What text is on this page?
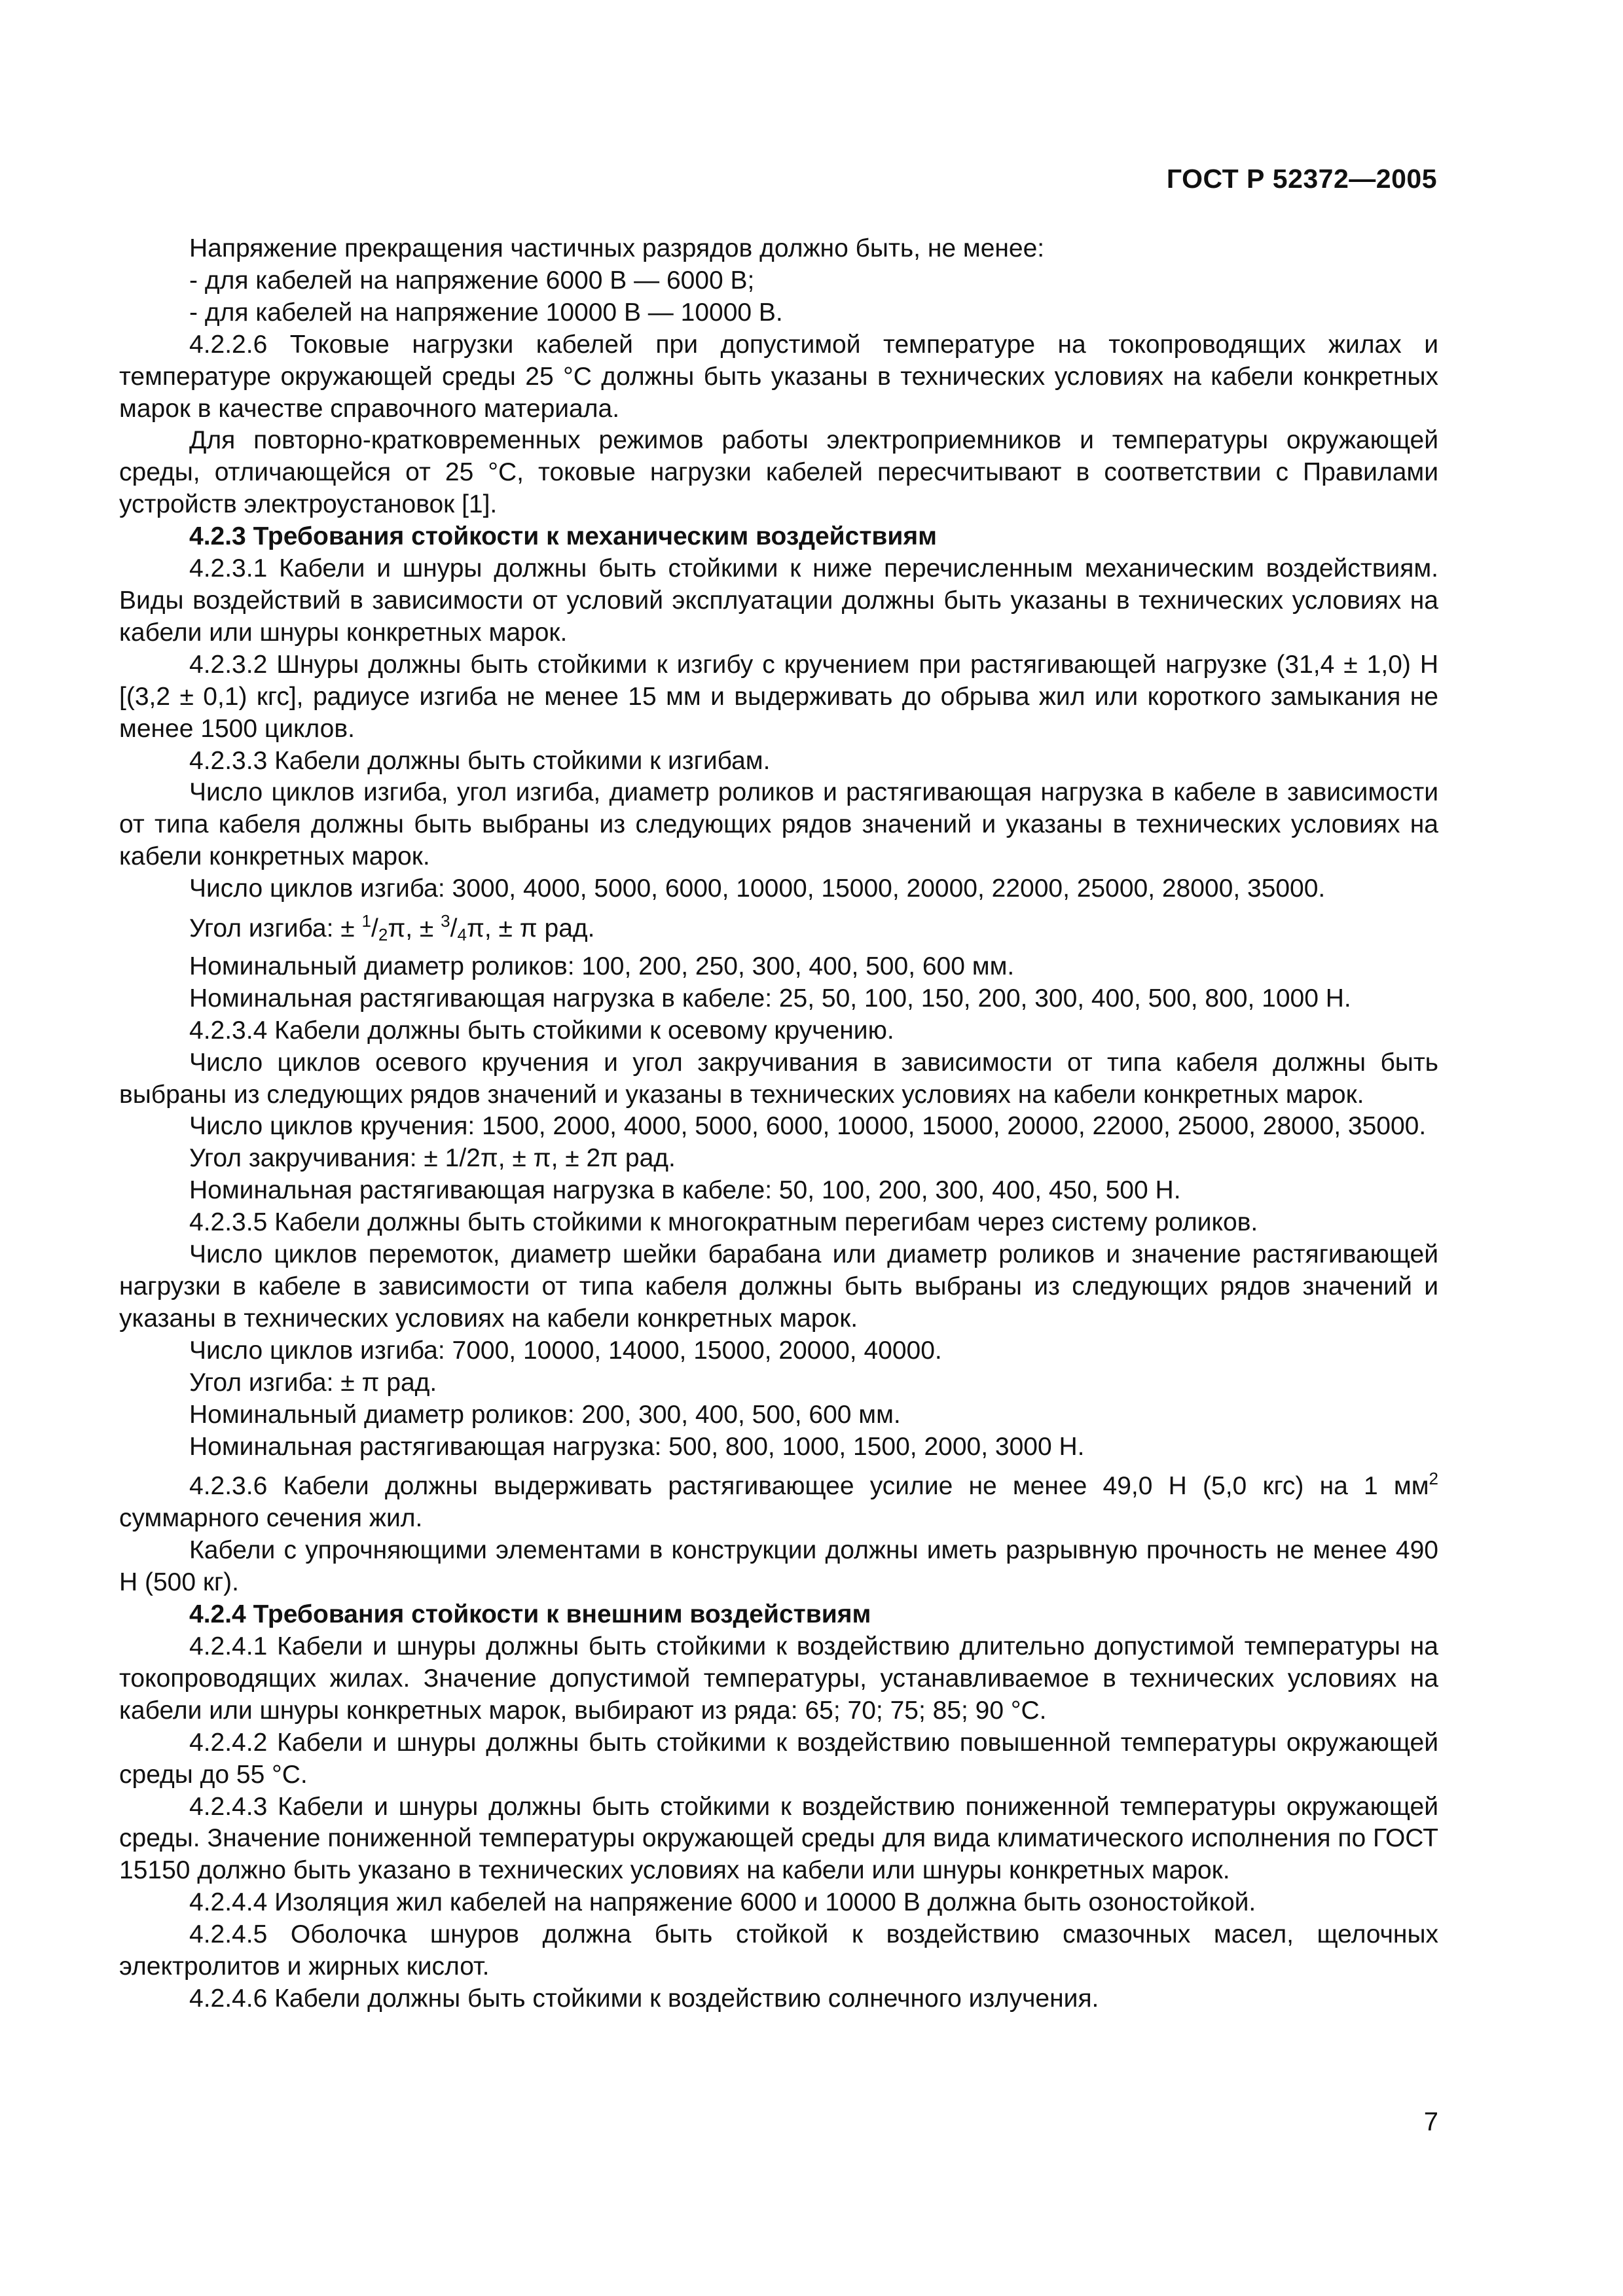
ГОСТ Р 52372—2005

Напряжение прекращения частичных разрядов должно быть, не менее:

- для кабелей на напряжение 6000 В — 6000 В;

- для кабелей на напряжение 10000 В — 10000 В.

4.2.2.6 Токовые нагрузки кабелей при допустимой температуре на токопроводящих жилах и температуре окружающей среды 25 °С должны быть указаны в технических условиях на кабели конкретных марок в качестве справочного материала.

Для повторно-кратковременных режимов работы электроприемников и температуры окружающей среды, отличающейся от 25 °С, токовые нагрузки кабелей пересчитывают в соответствии с Правилами устройств электроустановок [1].

4.2.3 Требования стойкости к механическим воздействиям

4.2.3.1 Кабели и шнуры должны быть стойкими к ниже перечисленным механическим воздействиям. Виды воздействий в зависимости от условий эксплуатации должны быть указаны в технических условиях на кабели или шнуры конкретных марок.

4.2.3.2 Шнуры должны быть стойкими к изгибу с кручением при растягивающей нагрузке (31,4 ± 1,0) Н [(3,2 ± 0,1) кгс], радиусе изгиба не менее 15 мм и выдерживать до обрыва жил или короткого замыкания не менее 1500 циклов.

4.2.3.3 Кабели должны быть стойкими к изгибам.

Число циклов изгиба, угол изгиба, диаметр роликов и растягивающая нагрузка в кабеле в зависимости от типа кабеля должны быть выбраны из следующих рядов значений и указаны в технических условиях на кабели конкретных марок.

Число циклов изгиба: 3000, 4000, 5000, 6000, 10000, 15000, 20000, 22000, 25000, 28000, 35000.

Угол изгиба: ± $^1/_2\pi$, ± $^3/_4\pi$, ± π рад.

Номинальный диаметр роликов: 100, 200, 250, 300, 400, 500, 600 мм.

Номинальная растягивающая нагрузка в кабеле: 25, 50, 100, 150, 200, 300, 400, 500, 800, 1000 Н.

4.2.3.4 Кабели должны быть стойкими к осевому кручению.

Число циклов осевого кручения и угол закручивания в зависимости от типа кабеля должны быть выбраны из следующих рядов значений и указаны в технических условиях на кабели конкретных марок.

Число циклов кручения: 1500, 2000, 4000, 5000, 6000, 10000, 15000, 20000, 22000, 25000, 28000, 35000.

Угол закручивания: ± 1/2π, ± π, ± 2π рад.

Номинальная растягивающая нагрузка в кабеле: 50, 100, 200, 300, 400, 450, 500 Н.

4.2.3.5 Кабели должны быть стойкими к многократным перегибам через систему роликов.

Число циклов перемоток, диаметр шейки барабана или диаметр роликов и значение растягивающей нагрузки в кабеле в зависимости от типа кабеля должны быть выбраны из следующих рядов значений и указаны в технических условиях на кабели конкретных марок.

Число циклов изгиба: 7000, 10000, 14000, 15000, 20000, 40000.

Угол изгиба: ± π рад.

Номинальный диаметр роликов: 200, 300, 400, 500, 600 мм.

Номинальная растягивающая нагрузка: 500, 800, 1000, 1500, 2000, 3000 Н.

4.2.3.6 Кабели должны выдерживать растягивающее усилие не менее 49,0 Н (5,0 кгс) на 1 $мм^2$ суммарного сечения жил.

Кабели с упрочняющими элементами в конструкции должны иметь разрывную прочность не менее 490 Н (500 кг).

4.2.4 Требования стойкости к внешним воздействиям

4.2.4.1 Кабели и шнуры должны быть стойкими к воздействию длительно допустимой температуры на токопроводящих жилах. Значение допустимой температуры, устанавливаемое в технических условиях на кабели или шнуры конкретных марок, выбирают из ряда: 65; 70; 75; 85; 90 °С.

4.2.4.2 Кабели и шнуры должны быть стойкими к воздействию повышенной температуры окружающей среды до 55 °С.

4.2.4.3 Кабели и шнуры должны быть стойкими к воздействию пониженной температуры окружающей среды. Значение пониженной температуры окружающей среды для вида климатического исполнения по ГОСТ 15150 должно быть указано в технических условиях на кабели или шнуры конкретных марок.

4.2.4.4 Изоляция жил кабелей на напряжение 6000 и 10000 В должна быть озоностойкой.

4.2.4.5 Оболочка шнуров должна быть стойкой к воздействию смазочных масел, щелочных электролитов и жирных кислот.

4.2.4.6 Кабели должны быть стойкими к воздействию солнечного излучения.

7
